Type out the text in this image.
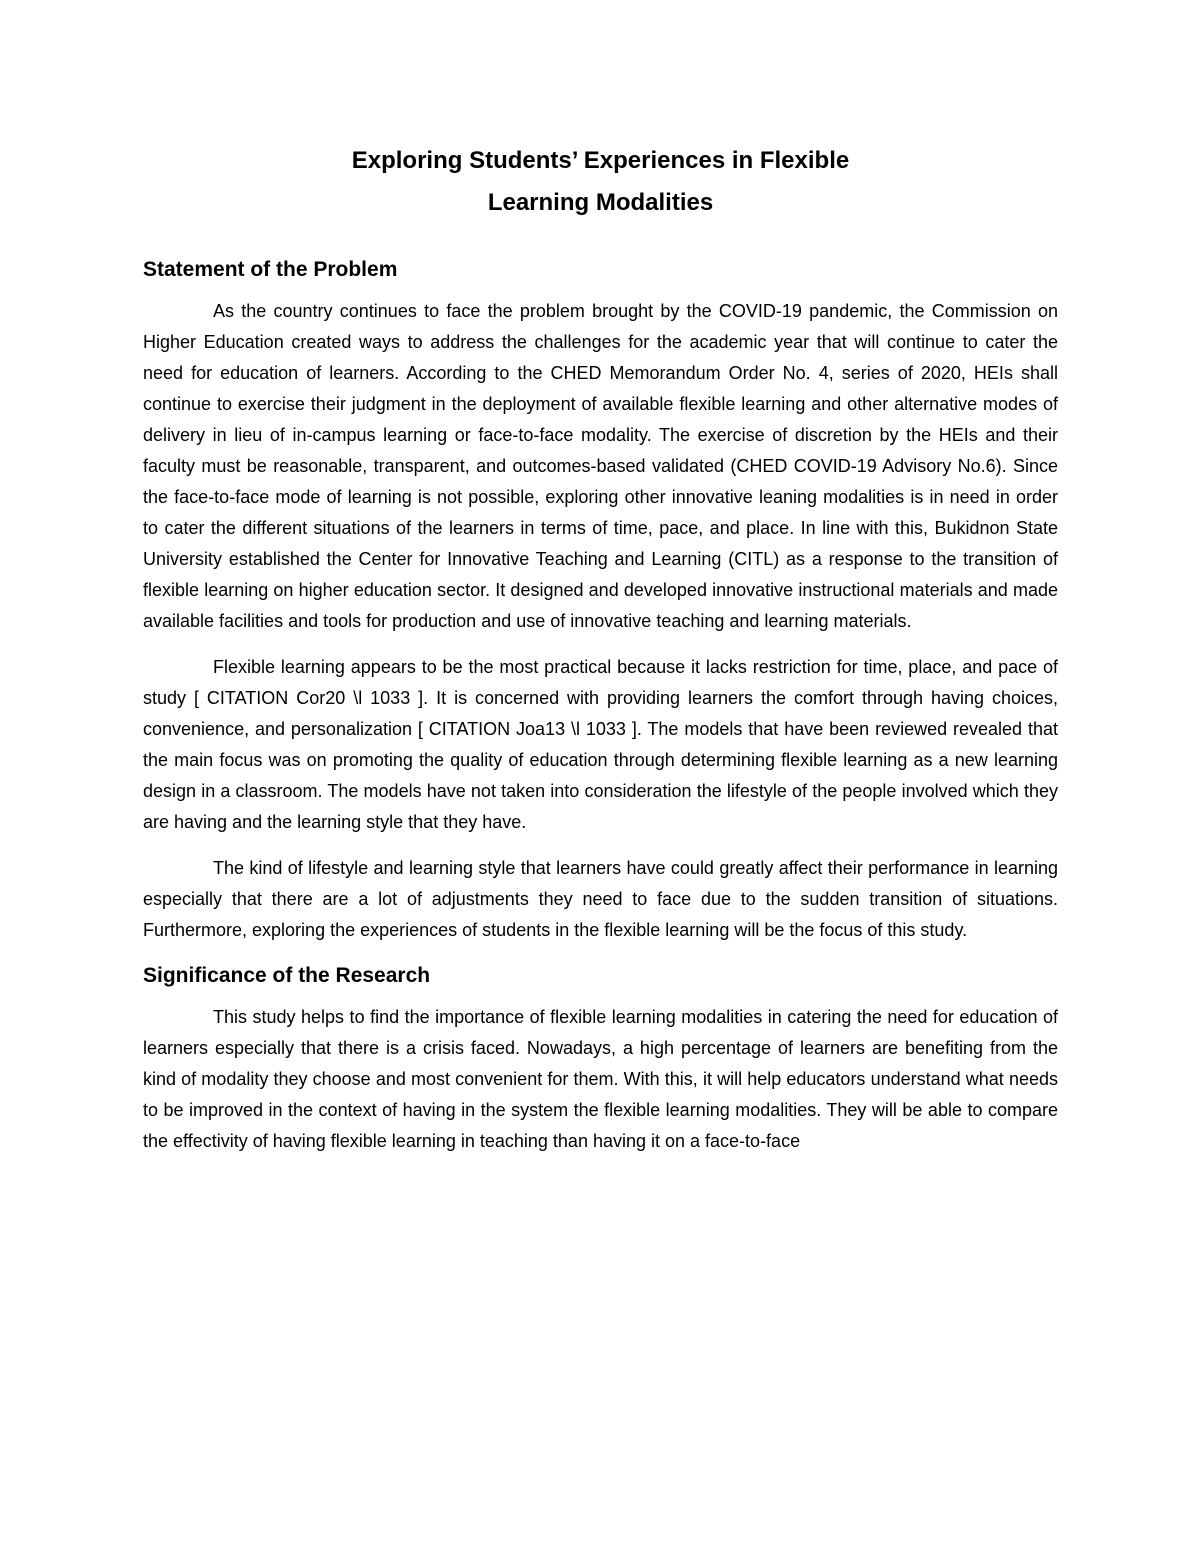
Exploring Students’ Experiences in Flexible
Learning Modalities
Statement of the Problem

As the country continues to face the problem brought by the COVID-19 pandemic, the Commission on Higher Education created ways to address the challenges for the academic year that will continue to cater the need for education of learners. According to the CHED Memorandum Order No. 4, series of 2020, HEIs shall continue to exercise their judgment in the deployment of available flexible learning and other alternative modes of delivery in lieu of in-campus learning or face-to-face modality. The exercise of discretion by the HEIs and their faculty must be reasonable, transparent, and outcomes-based validated (CHED COVID-19 Advisory No.6). Since the face-to-face mode of learning is not possible, exploring other innovative leaning modalities is in need in order to cater the different situations of the learners in terms of time, pace, and place. In line with this, Bukidnon State University established the Center for Innovative Teaching and Learning (CITL) as a response to the transition of flexible learning on higher education sector. It designed and developed innovative instructional materials and made available facilities and tools for production and use of innovative teaching and learning materials.

Flexible learning appears to be the most practical because it lacks restriction for time, place, and pace of study [ CITATION Cor20 \l 1033 ]. It is concerned with providing learners the comfort through having choices, convenience, and personalization [ CITATION Joa13 \l 1033 ]. The models that have been reviewed revealed that the main focus was on promoting the quality of education through determining flexible learning as a new learning design in a classroom. The models have not taken into consideration the lifestyle of the people involved which they are having and the learning style that they have.

The kind of lifestyle and learning style that learners have could greatly affect their performance in learning especially that there are a lot of adjustments they need to face due to the sudden transition of situations. Furthermore, exploring the experiences of students in the flexible learning will be the focus of this study.

Significance of the Research

This study helps to find the importance of flexible learning modalities in catering the need for education of learners especially that there is a crisis faced. Nowadays, a high percentage of learners are benefiting from the kind of modality they choose and most convenient for them. With this, it will help educators understand what needs to be improved in the context of having in the system the flexible learning modalities. They will be able to compare the effectivity of having flexible learning in teaching than having it on a face-to-face
